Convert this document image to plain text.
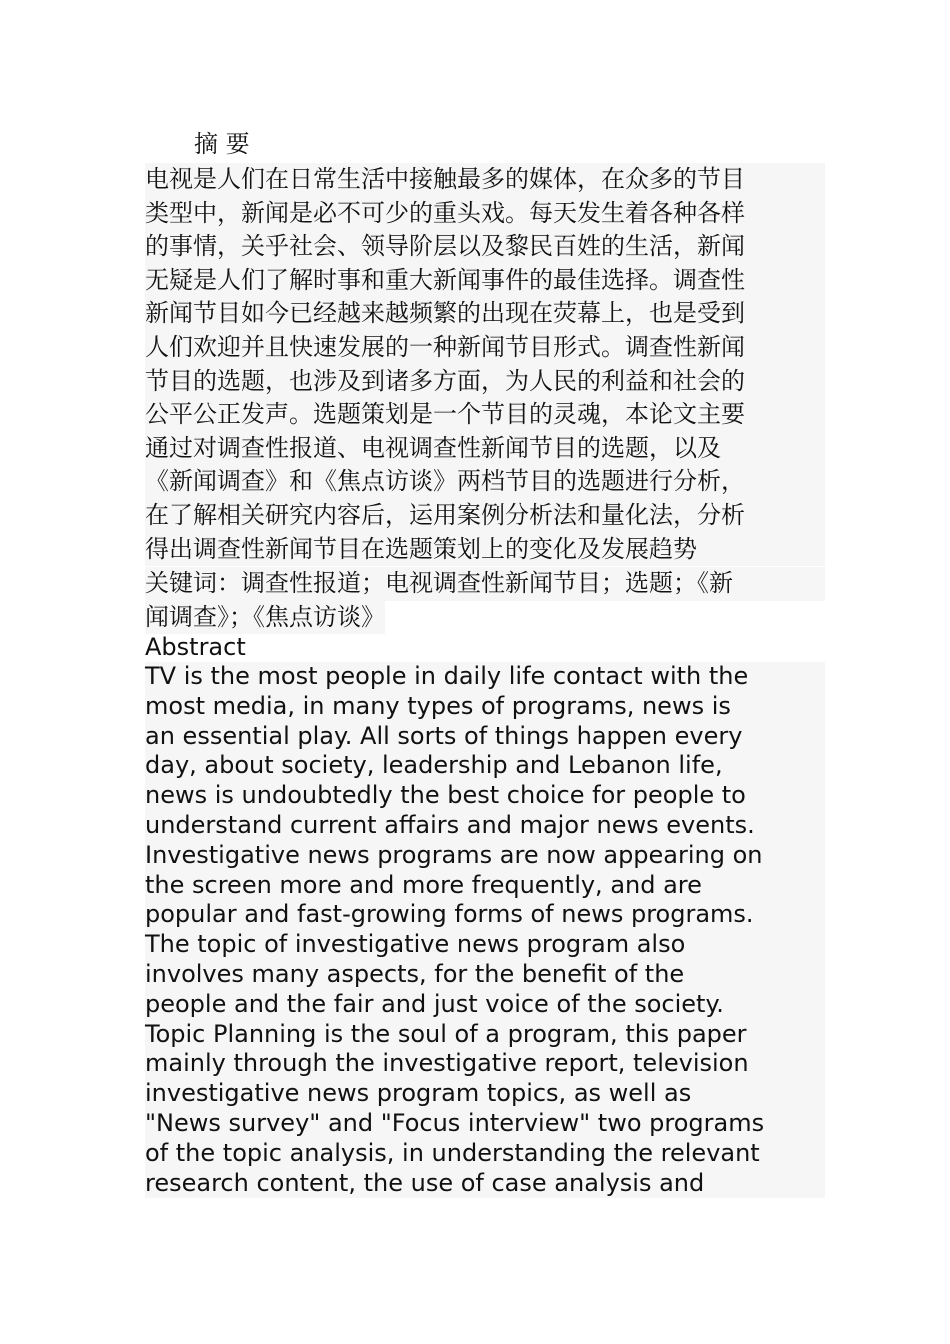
摘 要
电视是人们在日常生活中接触最多的媒体，在众多的节目
类型中，新闻是必不可少的重头戏。每天发生着各种各样
的事情，关乎社会、领导阶层以及黎民百姓的生活，新闻
无疑是人们了解时事和重大新闻事件的最佳选择。调查性
新闻节目如今已经越来越频繁的出现在荧幕上，也是受到
人们欢迎并且快速发展的一种新闻节目形式。调查性新闻
节目的选题，也涉及到诸多方面，为人民的利益和社会的
公平公正发声。选题策划是一个节目的灵魂，本论文主要
通过对调查性报道、电视调查性新闻节目的选题，以及
《新闻调查》和《焦点访谈》两档节目的选题进行分析，
在了解相关研究内容后，运用案例分析法和量化法，分析
得出调查性新闻节目在选题策划上的变化及发展趋势
关键词：调查性报道；电视调查性新闻节目；选题；《新
闻调查》；《焦点访谈》
Abstract
TV is the most people in daily life contact with the
most media, in many types of programs, news is
an essential play. All sorts of things happen every
day, about society, leadership and Lebanon life,
news is undoubtedly the best choice for people to
understand current affairs and major news events.
Investigative news programs are now appearing on
the screen more and more frequently, and are
popular and fast-growing forms of news programs.
The topic of investigative news program also
involves many aspects, for the benefit of the
people and the fair and just voice of the society.
Topic Planning is the soul of a program, this paper
mainly through the investigative report, television
investigative news program topics, as well as
"News survey" and "Focus interview" two programs
of the topic analysis, in understanding the relevant
research content, the use of case analysis and
